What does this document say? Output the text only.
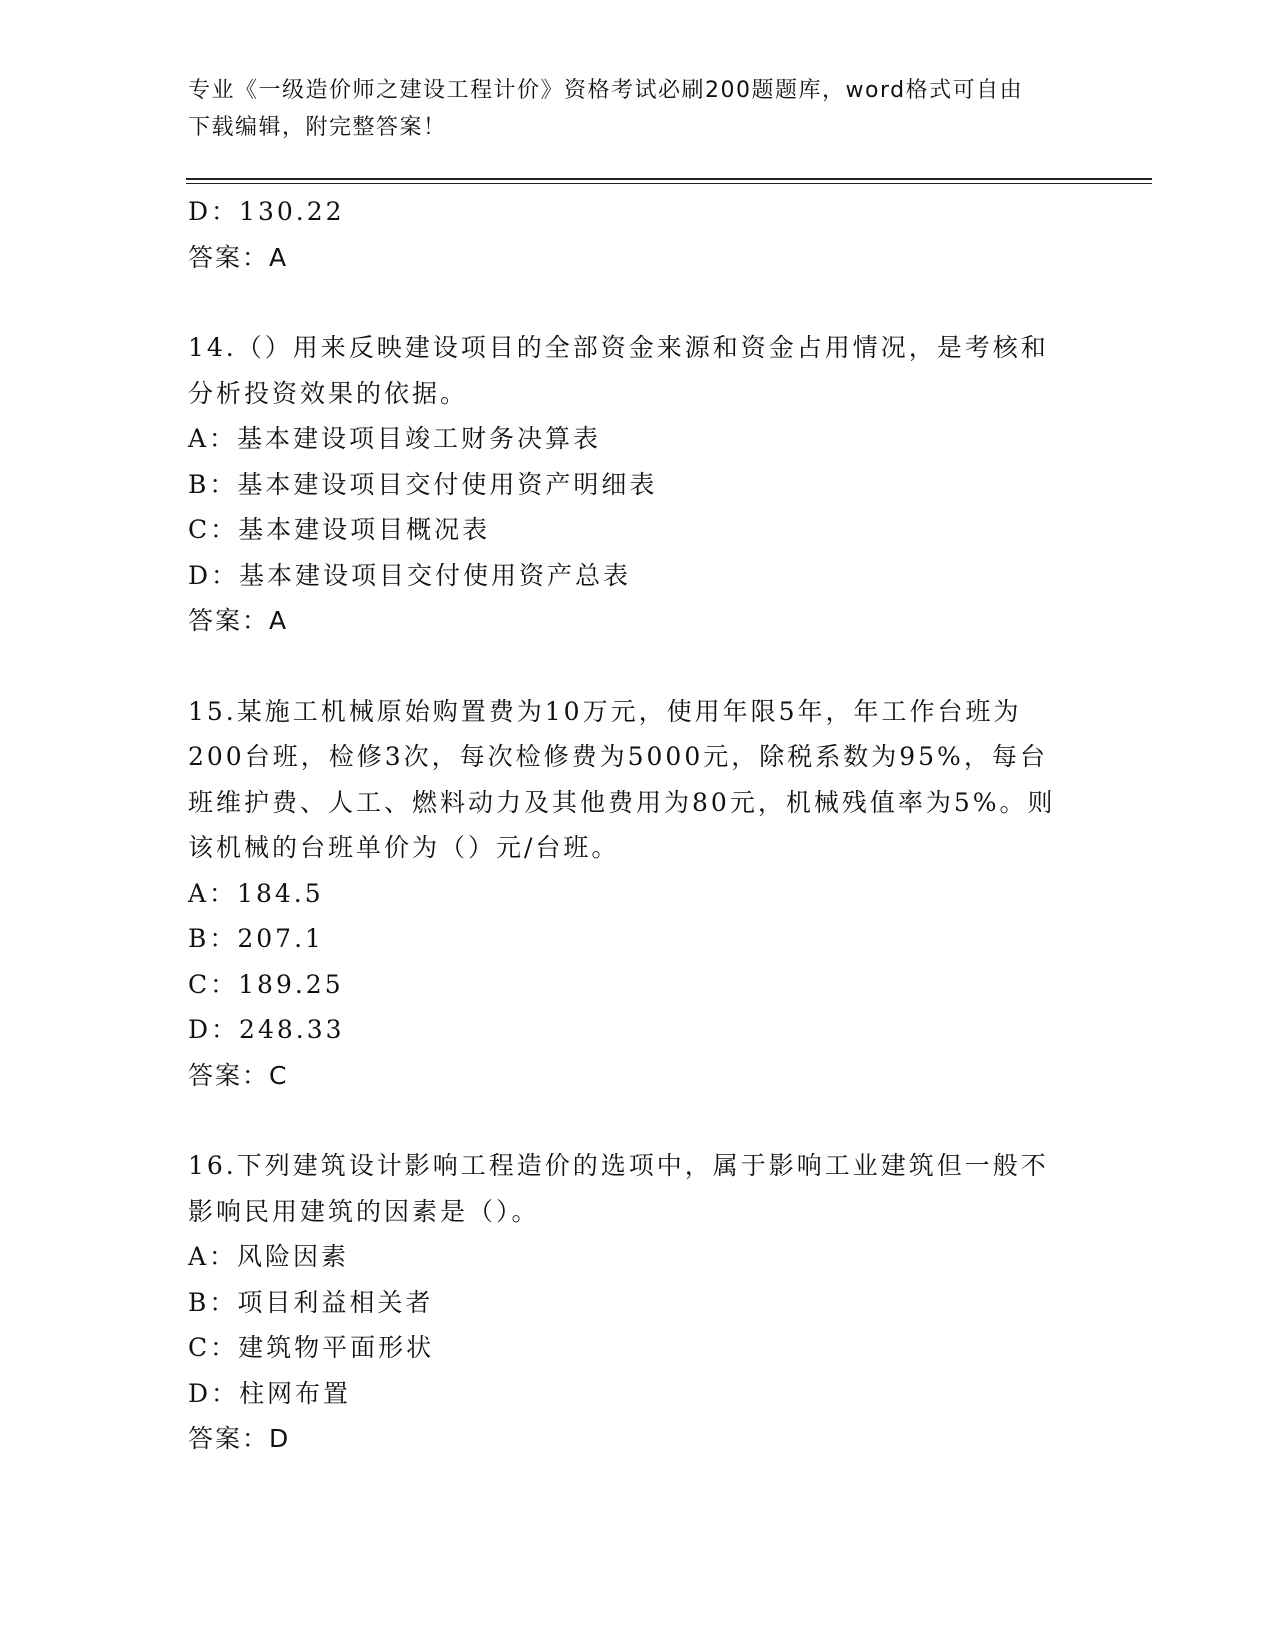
专业《一级造价师之建设工程计价》资格考试必刷200题题库，word格式可自由
下载编辑，附完整答案！

D：130.22

答案：A

14.（）用来反映建设项目的全部资金来源和资金占用情况，是考核和

分析投资效果的依据。

A：基本建设项目竣工财务决算表

B：基本建设项目交付使用资产明细表

C：基本建设项目概况表

D：基本建设项目交付使用资产总表

答案：A

15.某施工机械原始购置费为10万元，使用年限5年，年工作台班为

200台班，检修3次，每次检修费为5000元，除税系数为95%，每台

班维护费、人工、燃料动力及其他费用为80元，机械残值率为5%。则

该机械的台班单价为（）元/台班。

A：184.5

B：207.1

C：189.25

D：248.33

答案：C

16.下列建筑设计影响工程造价的选项中，属于影响工业建筑但一般不

影响民用建筑的因素是（）。

A：风险因素

B：项目利益相关者

C：建筑物平面形状

D：柱网布置

答案：D
